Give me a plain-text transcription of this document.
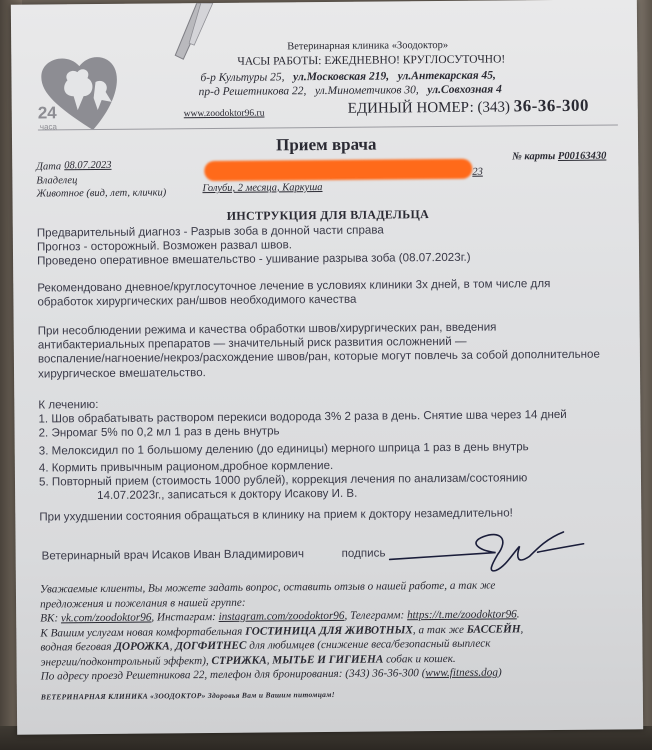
24
часа
Ветеринарная клиника «Зоодоктор»
ЧАСЫ РАБОТЫ: ЕЖЕДНЕВНО! КРУГЛОСУТОЧНО!
б-р Культуры 25, ул.Московская 219, ул.Антекарская 45,
пр-д Решетникова 22, ул.Минометчиков 30, ул.Совхозная 4
www.zoodoktor96.ru	ЕДИНЫЙ НОМЕР: (343) 36-36-300
Прием врача
Дата 08.07.2023
Владелец
23
Животное (вид, лет, клички)	Голуби, 2 месяца, Каркуша
№ карты P00163430
ИНСТРУКЦИЯ ДЛЯ ВЛАДЕЛЬЦА

Предварительный диагноз - Разрыв зоба в донной части справа

Прогноз - осторожный. Возможен развал швов.

Проведено оперативное вмешательство - ушивание разрыва зоба (08.07.2023г.)

Рекомендовано дневное/круглосуточное лечение в условиях клиники 3х дней, в том числе для

обработок хирургических ран/швов необходимого качества

При несоблюдении режима и качества обработки швов/хирургических ран, введения

антибактериальных препаратов — значительный риск развития осложнений —

воспаление/нагноение/некроз/расхождение швов/ран, которые могут повлечь за собой дополнительное

хирургическое вмешательство.

К лечению:

1. Шов обрабатывать раствором перекиси водорода 3% 2 раза в день. Снятие шва через 14 дней

2. Энромаг 5% по 0,2 мл 1 раз в день внутрь

3. Мелоксидил по 1 большому делению (до единицы) мерного шприца 1 раз в день внутрь

4. Кормить привычным рационом,дробное кормление.

5. Повторный прием (стоимость 1000 рублей), коррекция лечения по анализам/состоянию

14.07.2023г., записаться к доктору Исакову И. В.

При ухудшении состояния обращаться в клинику на прием к доктору незамедлительно!
Ветеринарный врач Исаков Иван Владимирович	подпись
Уважаемые клиенты, Вы можете задать вопрос, оставить отзыв о нашей работе, а так же
предложения и пожелания в нашей группе:
ВК: vk.com/zoodoktor96, Инстаграм: instagram.com/zoodoktor96, Телеграмм: https://t.me/zoodoktor96.
К Вашим услугам новая комфортабельная ГОСТИНИЦА ДЛЯ ЖИВОТНЫХ, а так же БАССЕЙН,
водная беговая ДОРОЖКА, ДОГФИТНЕС для любимцев (снижение веса/безопасный выплеск
энергии/подконтрольный эффект), СТРИЖКА, МЫТЬЕ И ГИГИЕНА собак и кошек.
По адресу проезд Решетникова 22, телефон для бронирования: (343) 36-36-300 (www.fitness.dog)
ВЕТЕРИНАРНАЯ КЛИНИКА «ЗООДОКТОР» Здоровья Вам и Вашим питомцам!
